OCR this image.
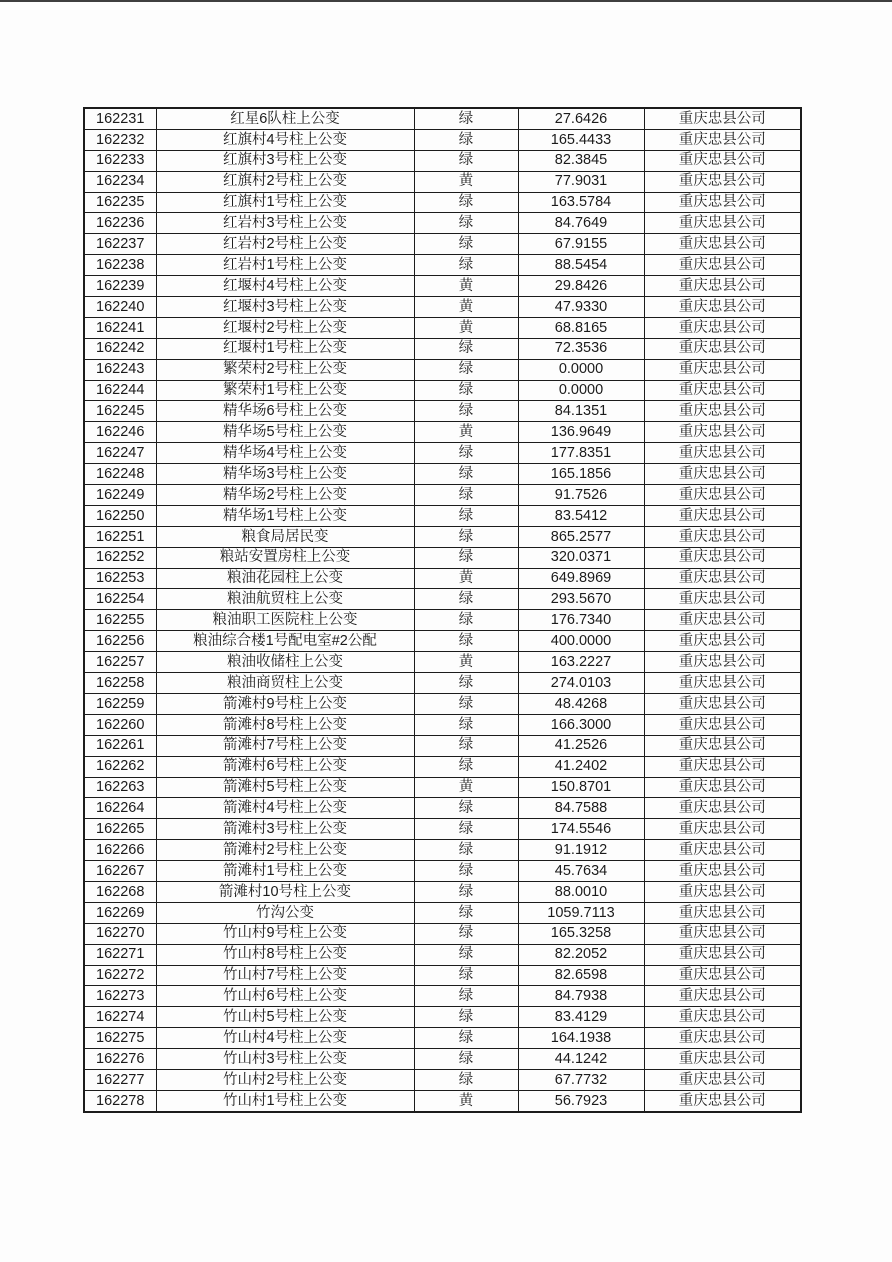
162231	红星6队柱上公变	绿	27.6426	重庆忠县公司
162232	红旗村4号柱上公变	绿	165.4433	重庆忠县公司
162233	红旗村3号柱上公变	绿	82.3845	重庆忠县公司
162234	红旗村2号柱上公变	黄	77.9031	重庆忠县公司
162235	红旗村1号柱上公变	绿	163.5784	重庆忠县公司
162236	红岩村3号柱上公变	绿	84.7649	重庆忠县公司
162237	红岩村2号柱上公变	绿	67.9155	重庆忠县公司
162238	红岩村1号柱上公变	绿	88.5454	重庆忠县公司
162239	红堰村4号柱上公变	黄	29.8426	重庆忠县公司
162240	红堰村3号柱上公变	黄	47.9330	重庆忠县公司
162241	红堰村2号柱上公变	黄	68.8165	重庆忠县公司
162242	红堰村1号柱上公变	绿	72.3536	重庆忠县公司
162243	繁荣村2号柱上公变	绿	0.0000	重庆忠县公司
162244	繁荣村1号柱上公变	绿	0.0000	重庆忠县公司
162245	精华场6号柱上公变	绿	84.1351	重庆忠县公司
162246	精华场5号柱上公变	黄	136.9649	重庆忠县公司
162247	精华场4号柱上公变	绿	177.8351	重庆忠县公司
162248	精华场3号柱上公变	绿	165.1856	重庆忠县公司
162249	精华场2号柱上公变	绿	91.7526	重庆忠县公司
162250	精华场1号柱上公变	绿	83.5412	重庆忠县公司
162251	粮食局居民变	绿	865.2577	重庆忠县公司
162252	粮站安置房柱上公变	绿	320.0371	重庆忠县公司
162253	粮油花园柱上公变	黄	649.8969	重庆忠县公司
162254	粮油航贸柱上公变	绿	293.5670	重庆忠县公司
162255	粮油职工医院柱上公变	绿	176.7340	重庆忠县公司
162256	粮油综合楼1号配电室#2公配	绿	400.0000	重庆忠县公司
162257	粮油收储柱上公变	黄	163.2227	重庆忠县公司
162258	粮油商贸柱上公变	绿	274.0103	重庆忠县公司
162259	箭滩村9号柱上公变	绿	48.4268	重庆忠县公司
162260	箭滩村8号柱上公变	绿	166.3000	重庆忠县公司
162261	箭滩村7号柱上公变	绿	41.2526	重庆忠县公司
162262	箭滩村6号柱上公变	绿	41.2402	重庆忠县公司
162263	箭滩村5号柱上公变	黄	150.8701	重庆忠县公司
162264	箭滩村4号柱上公变	绿	84.7588	重庆忠县公司
162265	箭滩村3号柱上公变	绿	174.5546	重庆忠县公司
162266	箭滩村2号柱上公变	绿	91.1912	重庆忠县公司
162267	箭滩村1号柱上公变	绿	45.7634	重庆忠县公司
162268	箭滩村10号柱上公变	绿	88.0010	重庆忠县公司
162269	竹沟公变	绿	1059.7113	重庆忠县公司
162270	竹山村9号柱上公变	绿	165.3258	重庆忠县公司
162271	竹山村8号柱上公变	绿	82.2052	重庆忠县公司
162272	竹山村7号柱上公变	绿	82.6598	重庆忠县公司
162273	竹山村6号柱上公变	绿	84.7938	重庆忠县公司
162274	竹山村5号柱上公变	绿	83.4129	重庆忠县公司
162275	竹山村4号柱上公变	绿	164.1938	重庆忠县公司
162276	竹山村3号柱上公变	绿	44.1242	重庆忠县公司
162277	竹山村2号柱上公变	绿	67.7732	重庆忠县公司
162278	竹山村1号柱上公变	黄	56.7923	重庆忠县公司
